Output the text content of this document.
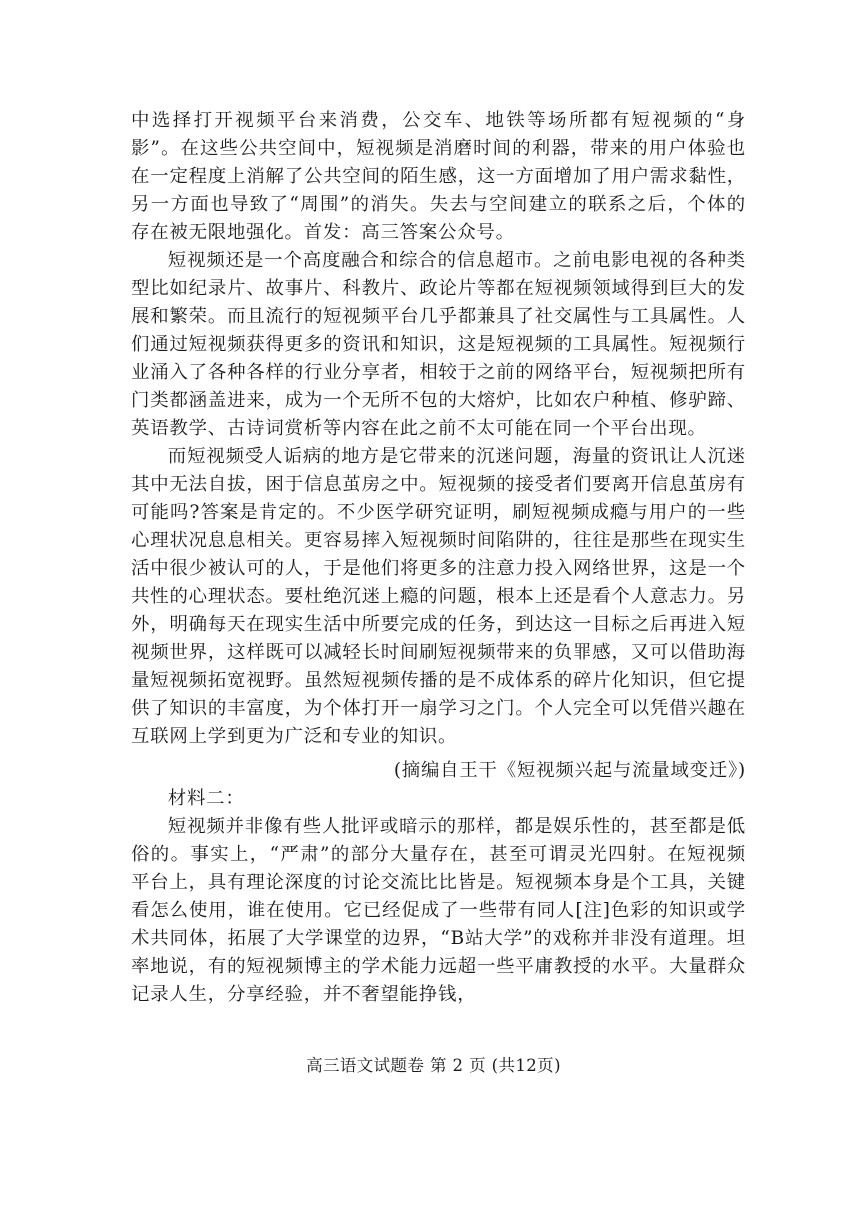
中选择打开视频平台来消费，公交车、地铁等场所都有短视频的“身影”。在这些公共空间中，短视频是消磨时间的利器，带来的用户体验也在一定程度上消解了公共空间的陌生感，这一方面增加了用户需求黏性，另一方面也导致了“周围”的消失。失去与空间建立的联系之后，个体的存在被无限地强化。首发：高三答案公众号。

短视频还是一个高度融合和综合的信息超市。之前电影电视的各种类型比如纪录片、故事片、科教片、政论片等都在短视频领域得到巨大的发展和繁荣。而且流行的短视频平台几乎都兼具了社交属性与工具属性。人们通过短视频获得更多的资讯和知识，这是短视频的工具属性。短视频行业涌入了各种各样的行业分享者，相较于之前的网络平台，短视频把所有门类都涵盖进来，成为一个无所不包的大熔炉，比如农户种植、修驴蹄、英语教学、古诗词赏析等内容在此之前不太可能在同一个平台出现。

而短视频受人诟病的地方是它带来的沉迷问题，海量的资讯让人沉迷其中无法自拔，困于信息茧房之中。短视频的接受者们要离开信息茧房有可能吗?答案是肯定的。不少医学研究证明，刷短视频成瘾与用户的一些心理状况息息相关。更容易摔入短视频时间陷阱的，往往是那些在现实生活中很少被认可的人，于是他们将更多的注意力投入网络世界，这是一个共性的心理状态。要杜绝沉迷上瘾的问题，根本上还是看个人意志力。另外，明确每天在现实生活中所要完成的任务，到达这一目标之后再进入短视频世界，这样既可以减轻长时间刷短视频带来的负罪感，又可以借助海量短视频拓宽视野。虽然短视频传播的是不成体系的碎片化知识，但它提供了知识的丰富度，为个体打开一扇学习之门。个人完全可以凭借兴趣在互联网上学到更为广泛和专业的知识。

(摘编自王干《短视频兴起与流量域变迁》)

材料二：

短视频并非像有些人批评或暗示的那样，都是娱乐性的，甚至都是低俗的。事实上，“严肃”的部分大量存在，甚至可谓灵光四射。在短视频平台上，具有理论深度的讨论交流比比皆是。短视频本身是个工具，关键看怎么使用，谁在使用。它已经促成了一些带有同人[注]色彩的知识或学术共同体，拓展了大学课堂的边界，“B站大学”的戏称并非没有道理。坦率地说，有的短视频博主的学术能力远超一些平庸教授的水平。大量群众记录人生，分享经验，并不奢望能挣钱，

高三语文试题卷 第 2 页 (共12页)
